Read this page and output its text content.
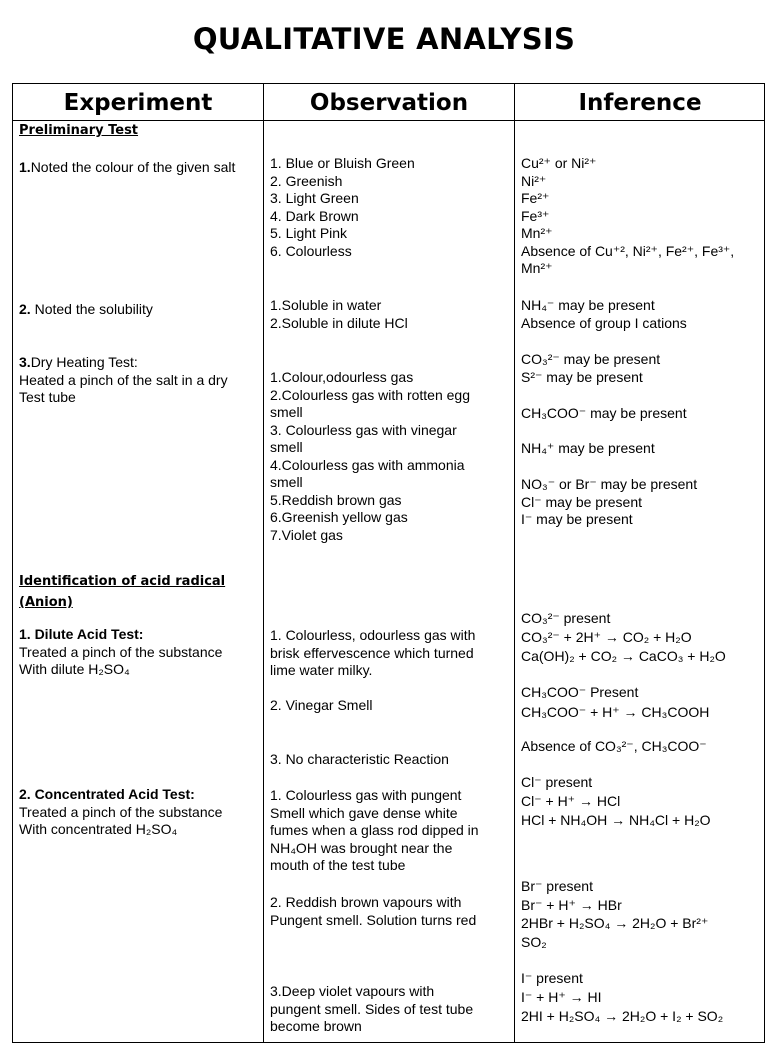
QUALITATIVE ANALYSIS
Experiment	Observation	Inference
Preliminary Test
1.Noted the colour of the given salt
2. Noted the solubility
3.Dry Heating Test:
Heated a pinch of the salt in a dry
Test tube
Identification of acid radical
(Anion)
1. Dilute Acid Test:
Treated a pinch of the substance
With dilute H₂SO₄
2. Concentrated Acid Test:
Treated a pinch of the substance
With concentrated H₂SO₄
1. Blue or Bluish Green
2. Greenish
3. Light Green
4. Dark Brown
5. Light Pink
6. Colourless
1.Soluble in water
2.Soluble in dilute HCl
1.Colour,odourless gas
2.Colourless gas with rotten egg
smell
3. Colourless gas with vinegar
smell
4.Colourless gas with ammonia
smell
5.Reddish brown gas
6.Greenish yellow gas
7.Violet gas
1. Colourless, odourless gas with
brisk effervescence which turned
lime water milky.
2. Vinegar Smell
3. No characteristic Reaction
1. Colourless gas with pungent
Smell which gave dense white
fumes when a glass rod dipped in
NH₄OH was brought near the
mouth of the test tube
2. Reddish brown vapours with
Pungent smell. Solution turns red
3.Deep violet vapours with
pungent smell. Sides of test tube
become brown
Cu²⁺ or Ni²⁺
Ni²⁺
Fe²⁺
Fe³⁺
Mn²⁺
Absence of Cu⁺², Ni²⁺, Fe²⁺, Fe³⁺,
Mn²⁺
NH₄⁻ may be present
Absence of group I cations
CO₃²⁻ may be present
S²⁻ may be present
CH₃COO⁻ may be present
NH₄⁺ may be present
NO₃⁻ or Br⁻ may be present
Cl⁻ may be present
I⁻ may be present
CO₃²⁻ present
CO₃²⁻ + 2H⁺ → CO₂ + H₂O
Ca(OH)₂ + CO₂ → CaCO₃ + H₂O
CH₃COO⁻ Present
CH₃COO⁻ + H⁺ → CH₃COOH
Absence of CO₃²⁻, CH₃COO⁻
Cl⁻ present
Cl⁻ + H⁺ → HCl
HCl + NH₄OH → NH₄Cl + H₂O
Br⁻ present
Br⁻ + H⁺ → HBr
2HBr + H₂SO₄ → 2H₂O + Br²⁺
SO₂
I⁻ present
I⁻ + H⁺ → HI
2HI + H₂SO₄ → 2H₂O + I₂ + SO₂
